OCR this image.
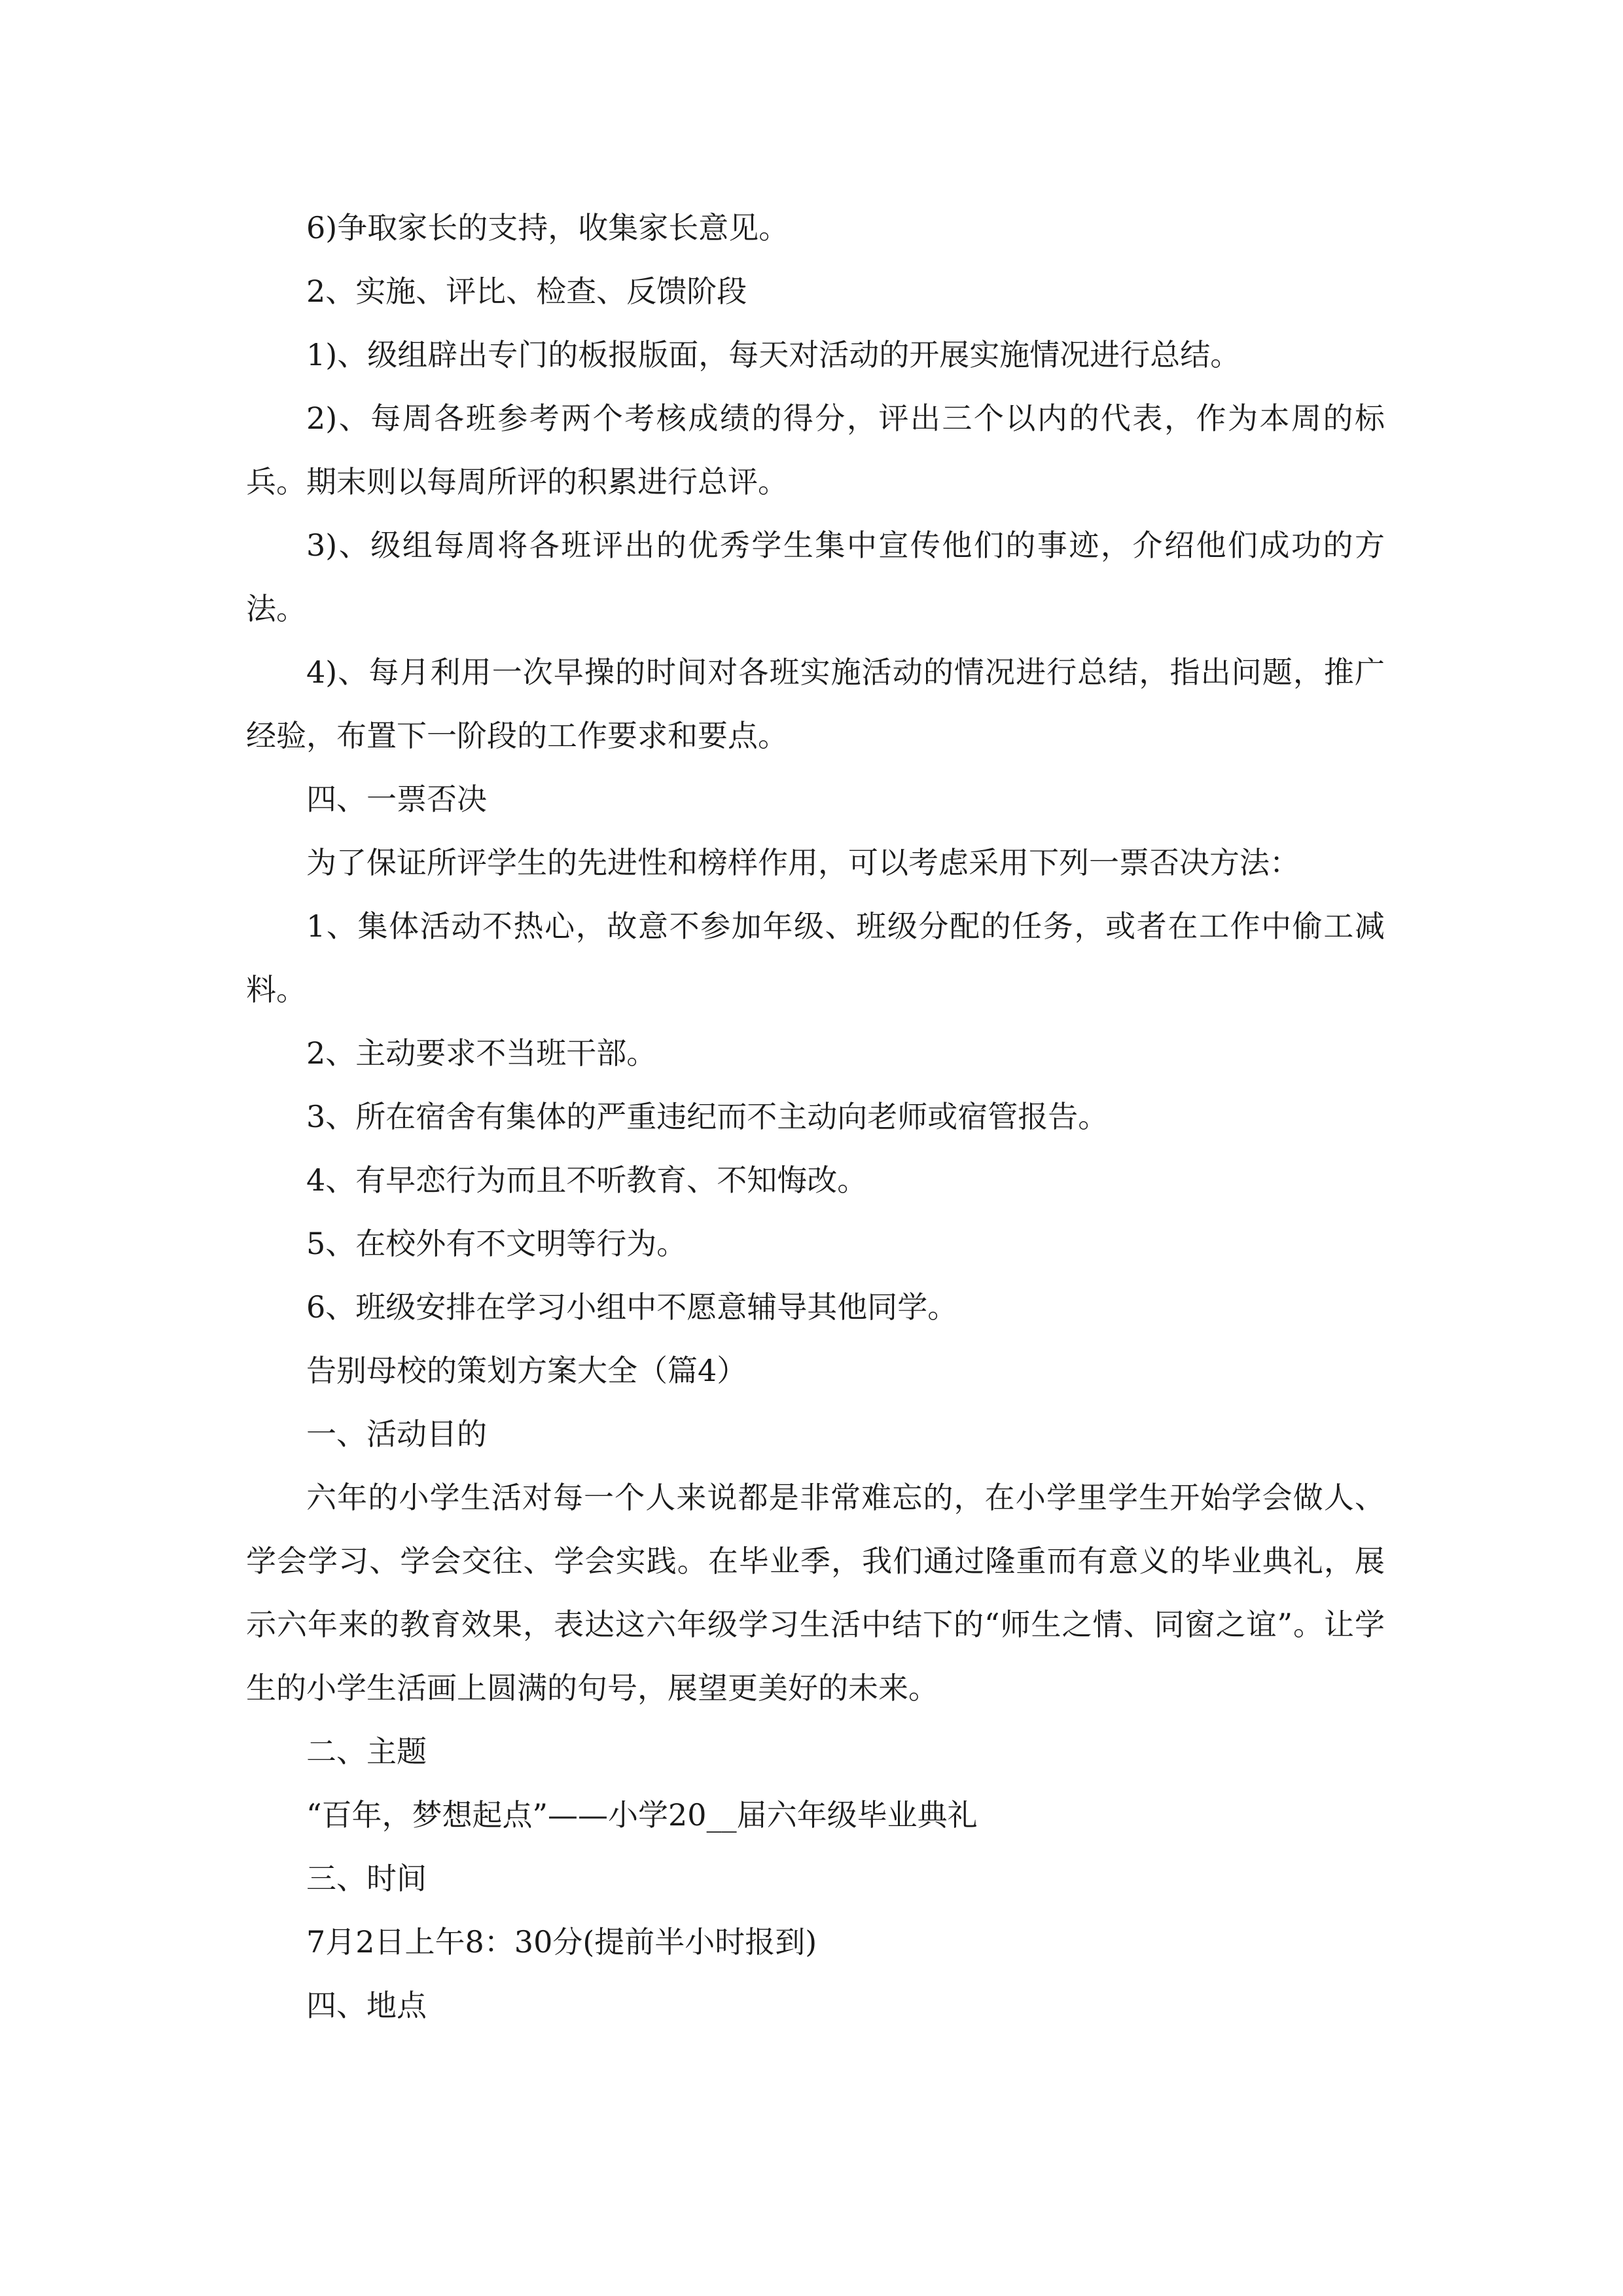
6)争取家长的支持，收集家长意见。

2、实施、评比、检查、反馈阶段

1)、级组辟出专门的板报版面，每天对活动的开展实施情况进行总结。

2)、每周各班参考两个考核成绩的得分，评出三个以内的代表，作为本周的标兵。期末则以每周所评的积累进行总评。

3)、级组每周将各班评出的优秀学生集中宣传他们的事迹，介绍他们成功的方法。

4)、每月利用一次早操的时间对各班实施活动的情况进行总结，指出问题，推广经验，布置下一阶段的工作要求和要点。

四、一票否决

为了保证所评学生的先进性和榜样作用，可以考虑采用下列一票否决方法：

1、集体活动不热心，故意不参加年级、班级分配的任务，或者在工作中偷工减料。

2、主动要求不当班干部。

3、所在宿舍有集体的严重违纪而不主动向老师或宿管报告。

4、有早恋行为而且不听教育、不知悔改。

5、在校外有不文明等行为。

6、班级安排在学习小组中不愿意辅导其他同学。

告别母校的策划方案大全（篇4）

一、活动目的

六年的小学生活对每一个人来说都是非常难忘的，在小学里学生开始学会做人、学会学习、学会交往、学会实践。在毕业季，我们通过隆重而有意义的毕业典礼，展示六年来的教育效果，表达这六年级学习生活中结下的“师生之情、同窗之谊”。让学生的小学生活画上圆满的句号，展望更美好的未来。

二、主题

“百年，梦想起点”——小学20__届六年级毕业典礼

三、时间

7月2日上午8：30分(提前半小时报到)

四、地点
